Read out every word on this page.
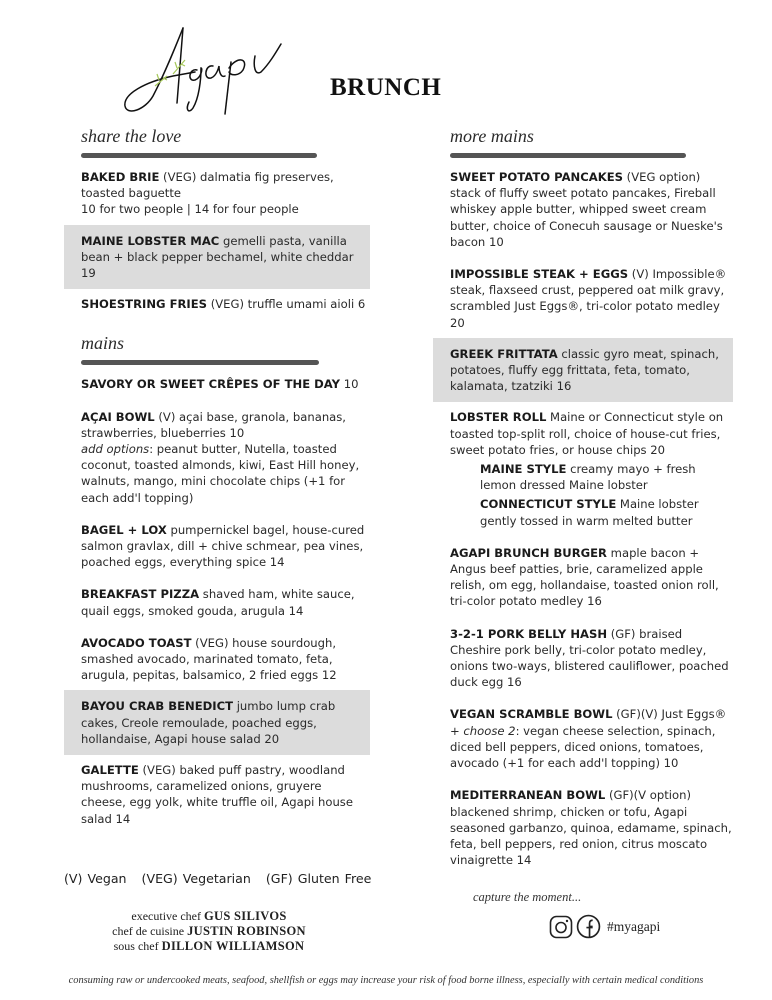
BRUNCH
share the love
BAKED BRIE (VEG) dalmatia fig preserves, toasted baguette
10 for two people | 14 for four people
MAINE LOBSTER MAC gemelli pasta, vanilla bean + black pepper bechamel, white cheddar 19
SHOESTRING FRIES (VEG) truffle umami aioli 6
mains
SAVORY OR SWEET CRÊPES OF THE DAY 10
AÇAI BOWL (V) açai base, granola, bananas, strawberries, blueberries 10
add options: peanut butter, Nutella, toasted coconut, toasted almonds, kiwi, East Hill honey, walnuts, mango, mini chocolate chips (+1 for each add'l topping)
BAGEL + LOX pumpernickel bagel, house-cured salmon gravlax, dill + chive schmear, pea vines, poached eggs, everything spice 14
BREAKFAST PIZZA shaved ham, white sauce, quail eggs, smoked gouda, arugula 14
AVOCADO TOAST (VEG) house sourdough, smashed avocado, marinated tomato, feta, arugula, pepitas, balsamico, 2 fried eggs 12
BAYOU CRAB BENEDICT jumbo lump crab cakes, Creole remoulade, poached eggs, hollandaise, Agapi house salad 20
GALETTE (VEG) baked puff pastry, woodland mushrooms, caramelized onions, gruyere cheese, egg yolk, white truffle oil, Agapi house salad 14
more mains
SWEET POTATO PANCAKES (VEG option) stack of fluffy sweet potato pancakes, Fireball whiskey apple butter, whipped sweet cream butter, choice of Conecuh sausage or Nueske's bacon 10
IMPOSSIBLE STEAK + EGGS (V) Impossible® steak, flaxseed crust, peppered oat milk gravy, scrambled Just Eggs®, tri-color potato medley 20
GREEK FRITTATA classic gyro meat, spinach, potatoes, fluffy egg frittata, feta, tomato, kalamata, tzatziki 16
LOBSTER ROLL Maine or Connecticut style on toasted top-split roll, choice of house-cut fries, sweet potato fries, or house chips 20
MAINE STYLE creamy mayo + fresh lemon dressed Maine lobster
CONNECTICUT STYLE Maine lobster gently tossed in warm melted butter
AGAPI BRUNCH BURGER maple bacon + Angus beef patties, brie, caramelized apple relish, om egg, hollandaise, toasted onion roll, tri-color potato medley 16
3-2-1 PORK BELLY HASH (GF) braised Cheshire pork belly, tri-color potato medley, onions two-ways, blistered cauliflower, poached duck egg 16
VEGAN SCRAMBLE BOWL (GF)(V) Just Eggs® + choose 2: vegan cheese selection, spinach, diced bell peppers, diced onions, tomatoes, avocado (+1 for each add'l topping) 10
MEDITERRANEAN BOWL (GF)(V option) blackened shrimp, chicken or tofu, Agapi seasoned garbanzo, quinoa, edamame, spinach, feta, bell peppers, red onion, citrus moscato vinaigrette 14
(V) Vegan (VEG) Vegetarian (GF) Gluten Free
executive chef GUS SILIVOS
chef de cuisine JUSTIN ROBINSON
sous chef DILLON WILLIAMSON
capture the moment...
#myagapi
consuming raw or undercooked meats, seafood, shellfish or eggs may increase your risk of food borne illness, especially with certain medical conditions
